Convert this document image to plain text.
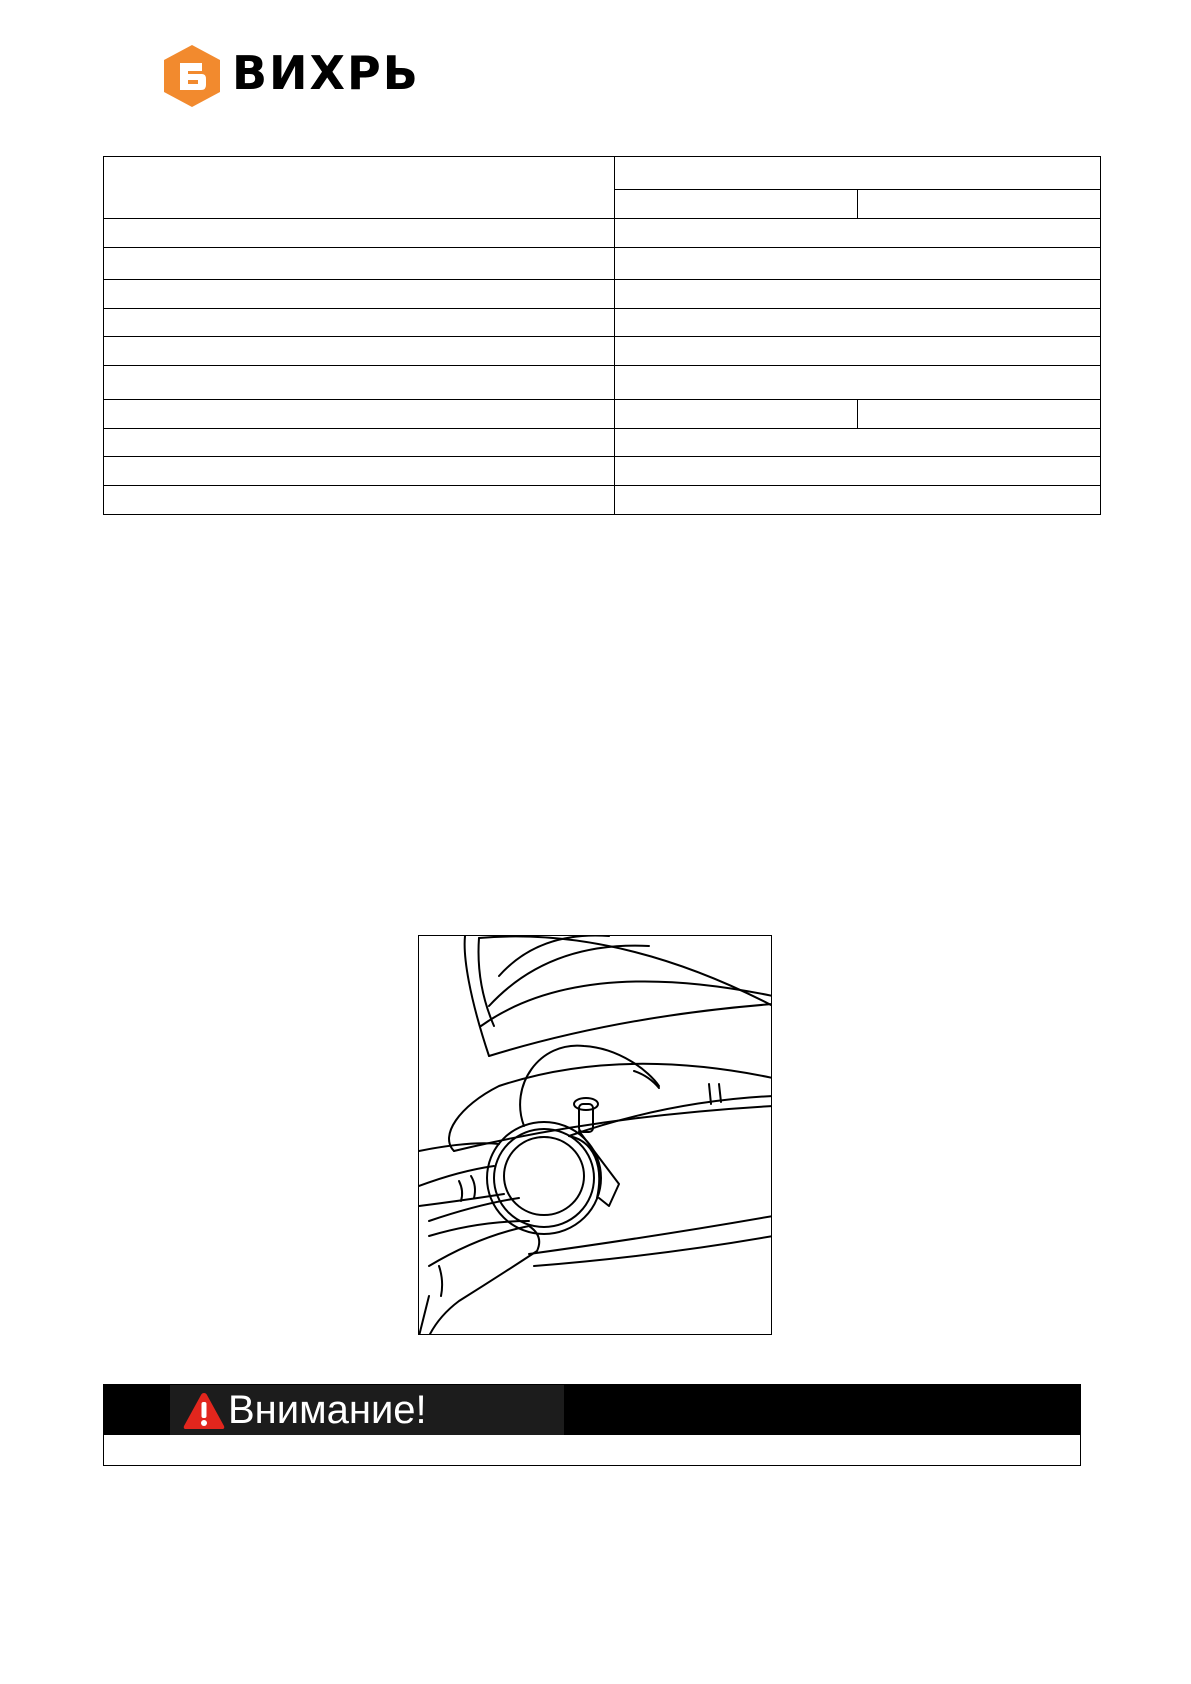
ВИХРЬ

Внимание!
